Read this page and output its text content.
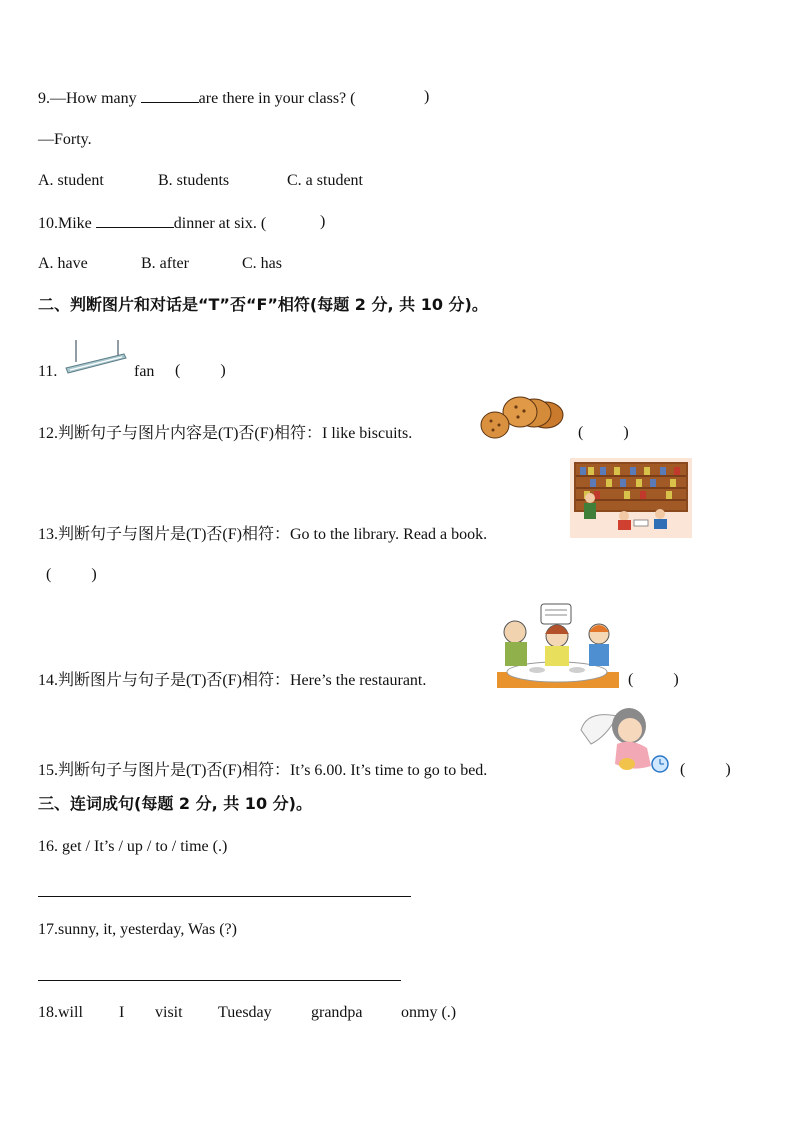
9.—How many	are there in your class? (	)
—Forty.
A. student	B. students	C. a student
10.Mike	dinner at six. (	)
A. have	B. after	C. has
二、判断图片和对话是“T”否“F”相符(每题 2 分, 共 10 分)。
11.	fan (          )
12.判断句子与图片内容是(T)否(F)相符：I like biscuits.	(          )
13.判断句子与图片是(T)否(F)相符：Go to the library. Read a book.
(          )
14.判断图片与句子是(T)否(F)相符：Here’s the restaurant.	(          )
15.判断句子与图片是(T)否(F)相符：It’s 6.00. It’s time to go to bed.	(          )
三、连词成句(每题 2 分, 共 10 分)。
16. get / It’s / up / to / time (.)
17.sunny, it, yesterday, Was (?)
18.will I visit Tuesday grandpa onmy (.)
